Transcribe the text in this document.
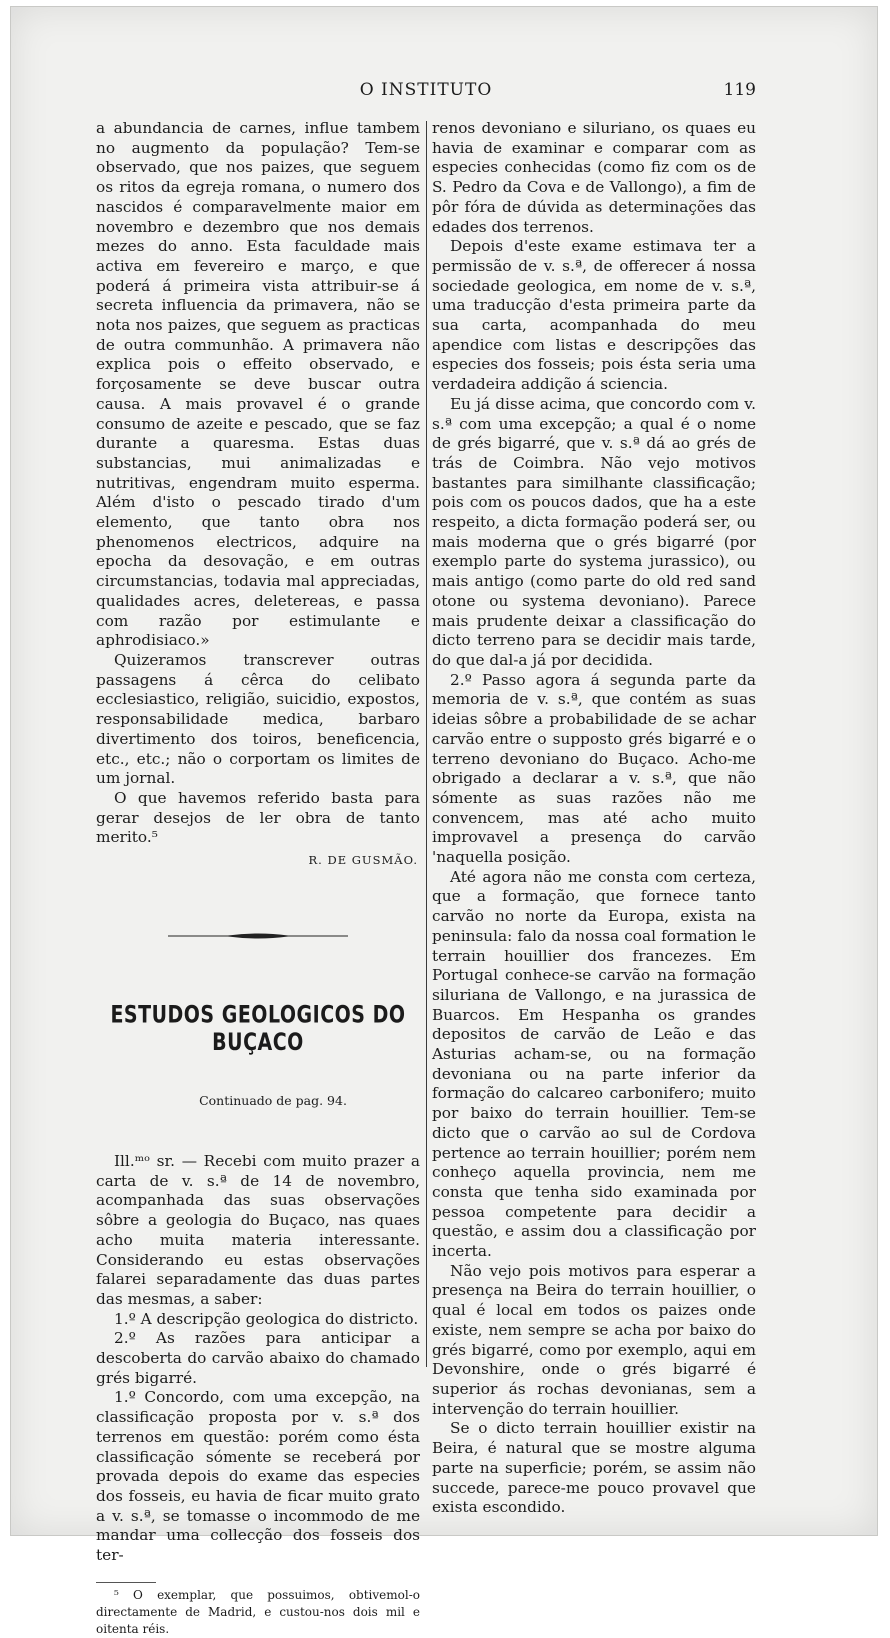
O INSTITUTO	119

a abundancia de carnes, influe tambem no augmento da população? Tem-se observado, que nos paizes, que seguem os ritos da egreja romana, o numero dos nascidos é comparavelmente maior em novembro e dezembro que nos demais mezes do anno. Esta faculdade mais activa em fevereiro e março, e que poderá á primeira vista attribuir-se á secreta influencia da primavera, não se nota nos paizes, que seguem as practicas de outra communhão. A primavera não explica pois o effeito observado, e forçosamente se deve buscar outra causa. A mais provavel é o grande consumo de azeite e pescado, que se faz durante a quaresma. Estas duas substancias, mui animalizadas e nutritivas, engendram muito esperma. Além d'isto o pescado tirado d'um elemento, que tanto obra nos phenomenos electricos, adquire na epocha da desovação, e em outras circumstancias, todavia mal appreciadas, qualidades acres, deletereas, e passa com razão por estimulante e aphrodisiaco.»

Quizeramos transcrever outras passagens á cêrca do celibato ecclesiastico, religião, suicidio, expostos, responsabilidade medica, barbaro divertimento dos toiros, beneficencia, etc., etc.; não o corportam os limites de um jornal.

O que havemos referido basta para gerar desejos de ler obra de tanto merito.⁵

R. DE GUSMÃO.
ESTUDOS GEOLOGICOS DO BUÇACO
Continuado de pag. 94.

Ill.ᵐᵒ sr. — Recebi com muito prazer a carta de v. s.ª de 14 de novembro, acompanhada das suas observações sôbre a geologia do Buçaco, nas quaes acho muita materia interessante. Considerando eu estas observações falarei separadamente das duas partes das mesmas, a saber:

1.º A descripção geologica do districto.

2.º As razões para anticipar a descoberta do carvão abaixo do chamado grés bigarré.

1.º Concordo, com uma excepção, na classificação proposta por v. s.ª dos terrenos em questão: porém como ésta classificação sómente se receberá por provada depois do exame das especies dos fosseis, eu havia de ficar muito grato a v. s.ª, se tomasse o incommodo de me mandar uma collecção dos fosseis dos ter-

⁵ O exemplar, que possuimos, obtivemol-o directamente de Madrid, e custou-nos dois mil e oitenta réis.

renos devoniano e siluriano, os quaes eu havia de examinar e comparar com as especies conhecidas (como fiz com os de S. Pedro da Cova e de Vallongo), a fim de pôr fóra de dúvida as determinações das edades dos terrenos.

Depois d'este exame estimava ter a permissão de v. s.ª, de offerecer á nossa sociedade geologica, em nome de v. s.ª, uma traducção d'esta primeira parte da sua carta, acompanhada do meu apendice com listas e descripções das especies dos fosseis; pois ésta seria uma verdadeira addição á sciencia.

Eu já disse acima, que concordo com v. s.ª com uma excepção; a qual é o nome de grés bigarré, que v. s.ª dá ao grés de trás de Coimbra. Não vejo motivos bastantes para similhante classificação; pois com os poucos dados, que ha a este respeito, a dicta formação poderá ser, ou mais moderna que o grés bigarré (por exemplo parte do systema jurassico), ou mais antigo (como parte do old red sand otone ou systema devoniano). Parece mais prudente deixar a classificação do dicto terreno para se decidir mais tarde, do que dal-a já por decidida.

2.º Passo agora á segunda parte da memoria de v. s.ª, que contém as suas ideias sôbre a probabilidade de se achar carvão entre o supposto grés bigarré e o terreno devoniano do Buçaco. Acho-me obrigado a declarar a v. s.ª, que não sómente as suas razões não me convencem, mas até acho muito improvavel a presença do carvão 'naquella posição.

Até agora não me consta com certeza, que a formação, que fornece tanto carvão no norte da Europa, exista na peninsula: falo da nossa coal formation le terrain houillier dos francezes. Em Portugal conhece-se carvão na formação siluriana de Vallongo, e na jurassica de Buarcos. Em Hespanha os grandes depositos de carvão de Leão e das Asturias acham-se, ou na formação devoniana ou na parte inferior da formação do calcareo carbonifero; muito por baixo do terrain houillier. Tem-se dicto que o carvão ao sul de Cordova pertence ao terrain houillier; porém nem conheço aquella provincia, nem me consta que tenha sido examinada por pessoa competente para decidir a questão, e assim dou a classificação por incerta.

Não vejo pois motivos para esperar a presença na Beira do terrain houillier, o qual é local em todos os paizes onde existe, nem sempre se acha por baixo do grés bigarré, como por exemplo, aqui em Devonshire, onde o grés bigarré é superior ás rochas devonianas, sem a intervenção do terrain houillier.

Se o dicto terrain houillier existir na Beira, é natural que se mostre alguma parte na superficie; porém, se assim não succede, parece-me pouco provavel que exista escondido.
